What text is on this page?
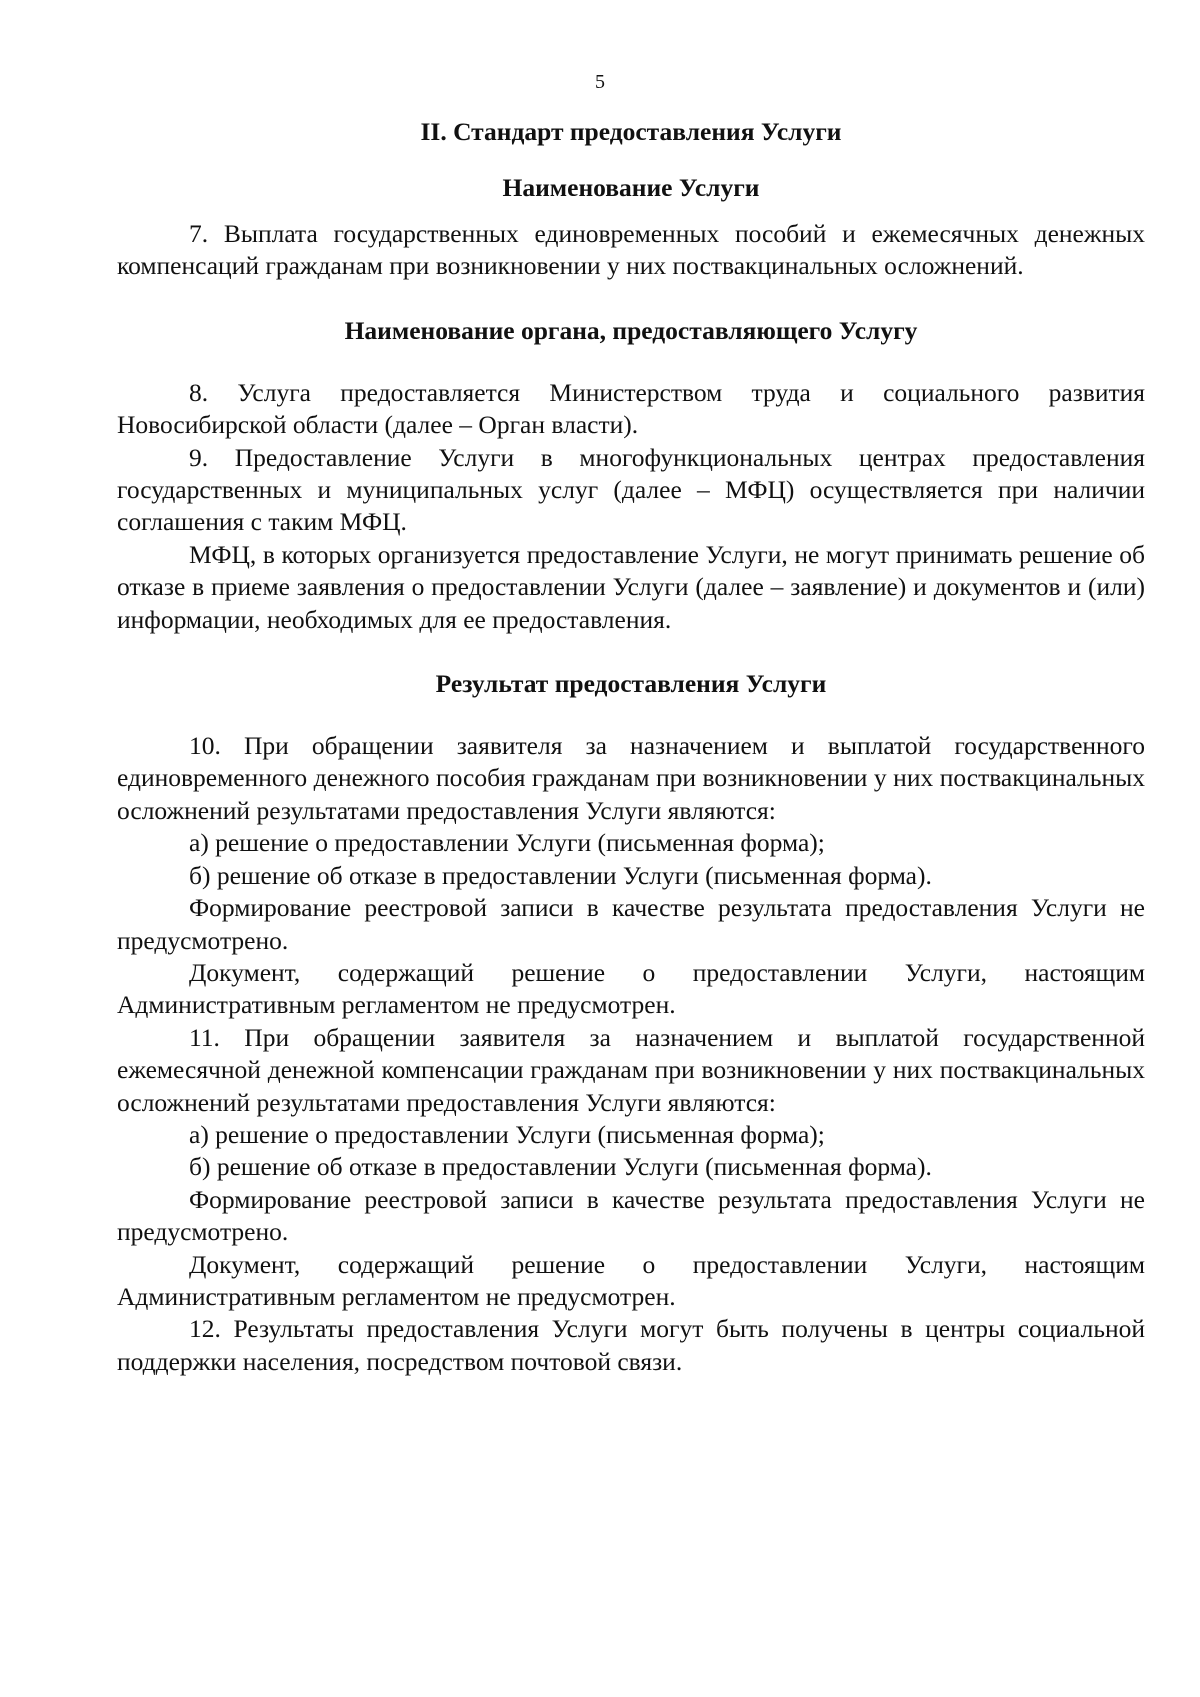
5
II. Стандарт предоставления Услуги
Наименование Услуги

7. Выплата государственных единовременных пособий и ежемесячных денежных компенсаций гражданам при возникновении у них поствакцинальных осложнений.

Наименование органа, предоставляющего Услугу

8. Услуга предоставляется Министерством труда и социального развития Новосибирской области (далее – Орган власти).

9. Предоставление Услуги в многофункциональных центрах предоставления государственных и муниципальных услуг (далее – МФЦ) осуществляется при наличии соглашения с таким МФЦ.

МФЦ, в которых организуется предоставление Услуги, не могут принимать решение об отказе в приеме заявления о предоставлении Услуги (далее – заявление) и документов и (или) информации, необходимых для ее предоставления.

Результат предоставления Услуги

10. При обращении заявителя за назначением и выплатой государственного единовременного денежного пособия гражданам при возникновении у них поствакцинальных осложнений результатами предоставления Услуги являются:

а) решение о предоставлении Услуги (письменная форма);

б) решение об отказе в предоставлении Услуги (письменная форма).

Формирование реестровой записи в качестве результата предоставления Услуги не предусмотрено.

Документ, содержащий решение о предоставлении Услуги, настоящим Административным регламентом не предусмотрен.

11. При обращении заявителя за назначением и выплатой государственной ежемесячной денежной компенсации гражданам при возникновении у них поствакцинальных осложнений результатами предоставления Услуги являются:

а) решение о предоставлении Услуги (письменная форма);

б) решение об отказе в предоставлении Услуги (письменная форма).

Формирование реестровой записи в качестве результата предоставления Услуги не предусмотрено.

Документ, содержащий решение о предоставлении Услуги, настоящим Административным регламентом не предусмотрен.

12. Результаты предоставления Услуги могут быть получены в центры социальной поддержки населения, посредством почтовой связи.
